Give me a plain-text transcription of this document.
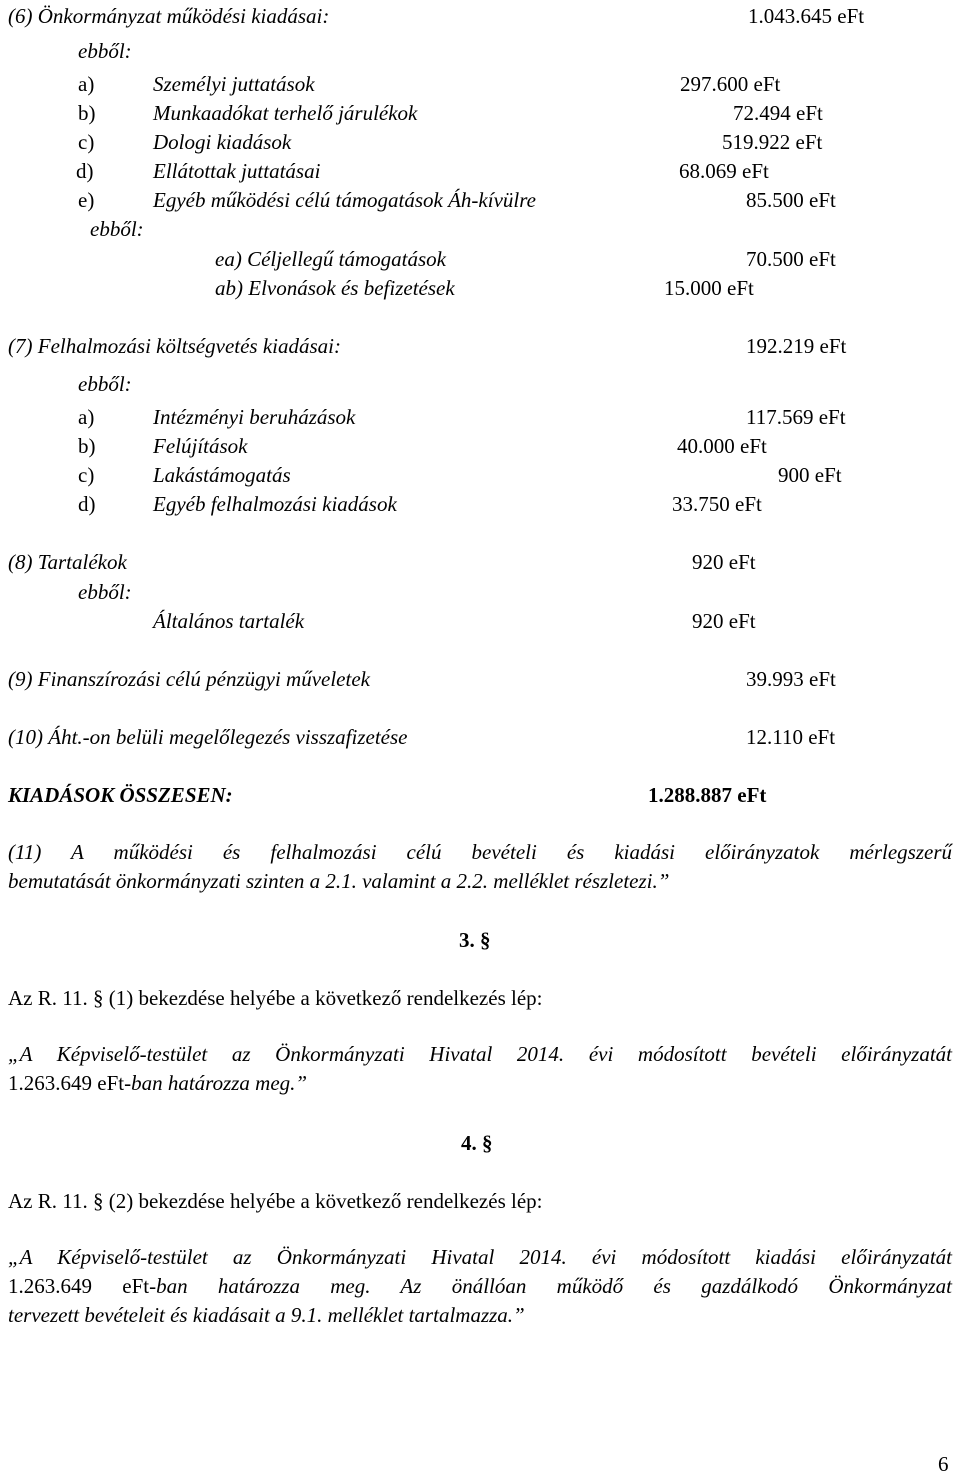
(6) Önkormányzat működési kiadásai:	1.043.645 eFt
ebből:
a)	Személyi juttatások	297.600 eFt
b)	Munkaadókat terhelő járulékok	72.494 eFt
c)	Dologi kiadások	519.922 eFt
d)	Ellátottak juttatásai	68.069 eFt
e)	Egyéb működési célú támogatások Áh-kívülre	85.500 eFt
ebből:
ea) Céljellegű támogatások	70.500 eFt
ab) Elvonások és befizetések	15.000 eFt
(7) Felhalmozási költségvetés kiadásai:	192.219 eFt
ebből:
a)	Intézményi beruházások	117.569 eFt
b)	Felújítások	40.000 eFt
c)	Lakástámogatás	900 eFt
d)	Egyéb felhalmozási kiadások	33.750 eFt
(8) Tartalékok	920 eFt
ebből:
Általános tartalék	920 eFt
(9) Finanszírozási célú pénzügyi műveletek	39.993 eFt
(10) Áht.-on belüli megelőlegezés visszafizetése	12.110 eFt
KIADÁSOK ÖSSZESEN:	1.288.887 eFt
(11) A működési és felhalmozási célú bevételi és kiadási előirányzatok mérlegszerű
bemutatását önkormányzati szinten a 2.1. valamint a 2.2. melléklet részletezi.”
3. §
Az R. 11. § (1) bekezdése helyébe a következő rendelkezés lép:
„A Képviselő-testület az Önkormányzati Hivatal 2014. évi módosított bevételi előirányzatát
1.263.649 eFt-ban határozza meg.”
4. §
Az R. 11. § (2) bekezdése helyébe a következő rendelkezés lép:
„A Képviselő-testület az Önkormányzati Hivatal 2014. évi módosított kiadási előirányzatát
1.263.649 eFt-ban határozza meg. Az önállóan működő és gazdálkodó Önkormányzat
tervezett bevételeit és kiadásait a 9.1. melléklet tartalmazza.”
6
